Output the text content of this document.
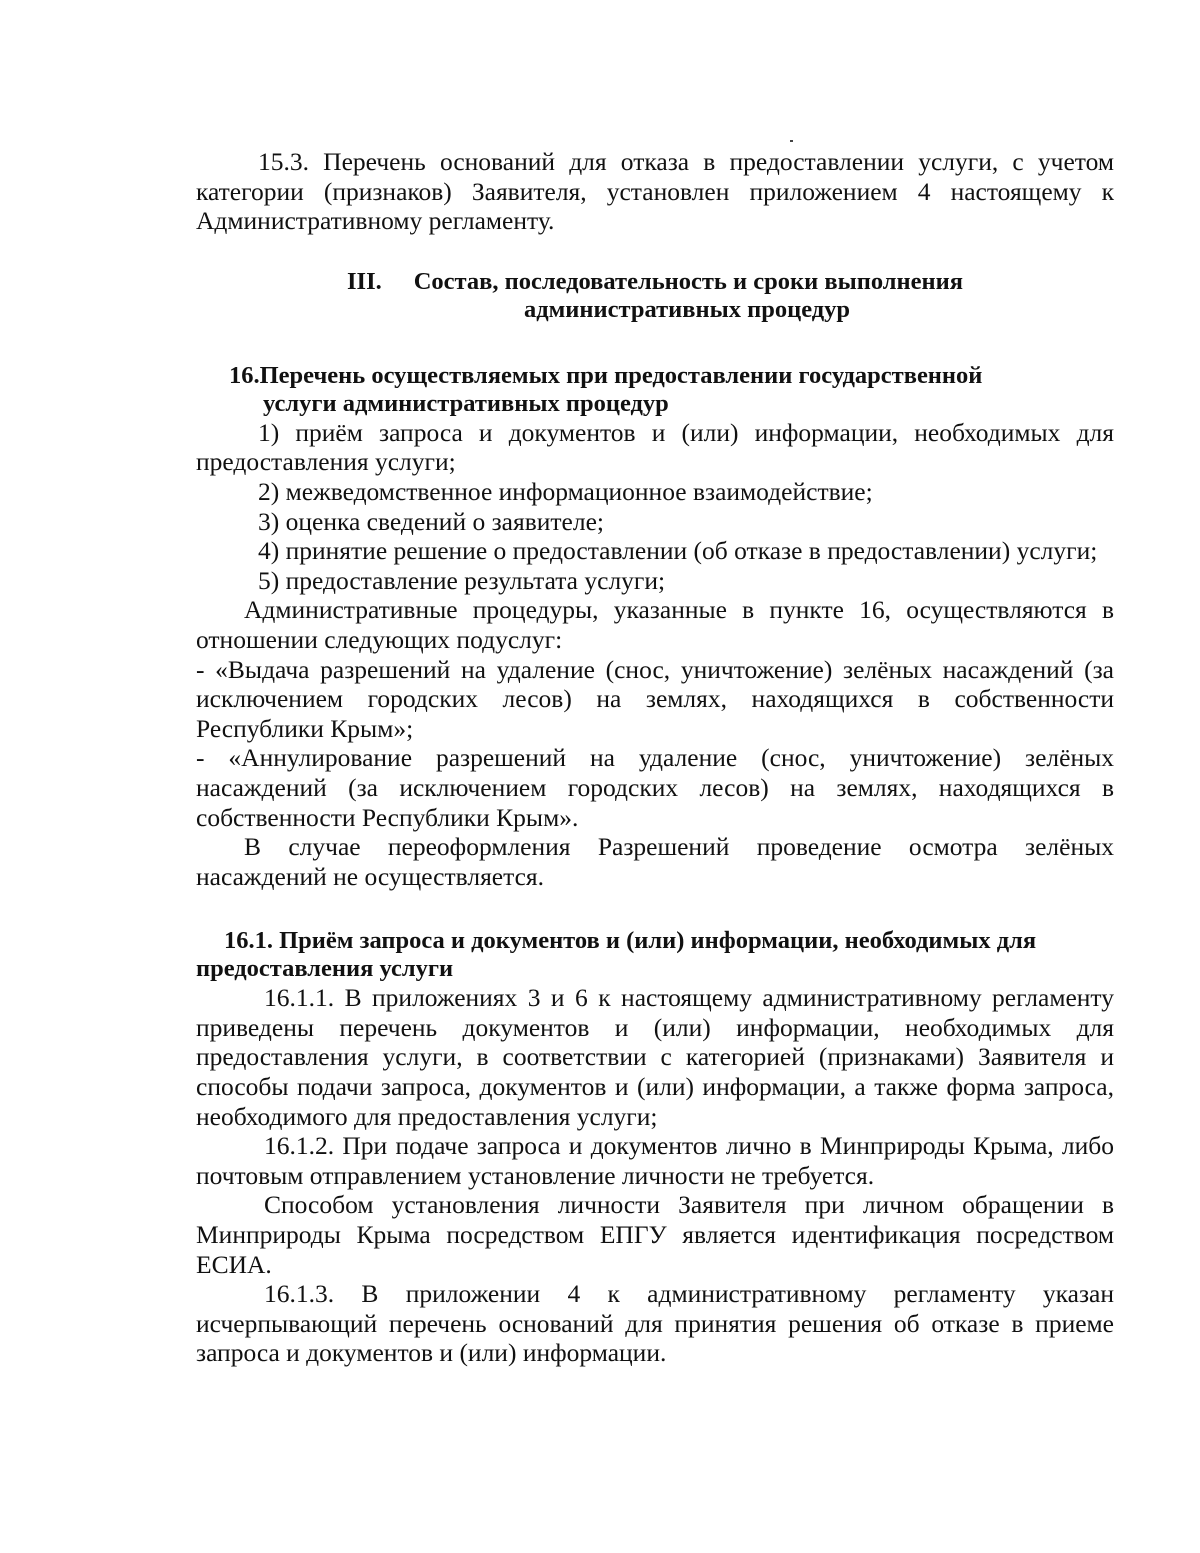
15.3. Перечень оснований для отказа в предоставлении услуги, с учетом категории (признаков) Заявителя, установлен приложением 4 настоящему к Административному регламенту.

III. Состав, последовательность и сроки выполнения
административных процедур
16.Перечень осуществляемых при предоставлении государственной
услуги административных процедур

1) приём запроса и документов и (или) информации, необходимых для предоставления услуги;

2) межведомственное информационное взаимодействие;

3) оценка сведений о заявителе;

4) принятие решение о предоставлении (об отказе в предоставлении) услуги;

5) предоставление результата услуги;

Административные процедуры, указанные в пункте 16, осуществляются в отношении следующих подуслуг:

- «Выдача разрешений на удаление (снос, уничтожение) зелёных насаждений (за исключением городских лесов) на землях, находящихся в собственности Республики Крым»;

- «Аннулирование разрешений на удаление (снос, уничтожение) зелёных насаждений (за исключением городских лесов) на землях, находящихся в собственности Республики Крым».

В случае переоформления Разрешений проведение осмотра зелёных насаждений не осуществляется.

16.1. Приём запроса и документов и (или) информации, необходимых для
предоставления услуги

16.1.1. В приложениях 3 и 6 к настоящему административному регламенту приведены перечень документов и (или) информации, необходимых для предоставления услуги, в соответствии с категорией (признаками) Заявителя и способы подачи запроса, документов и (или) информации, а также форма запроса, необходимого для предоставления услуги;

16.1.2. При подаче запроса и документов лично в Минприроды Крыма, либо почтовым отправлением установление личности не требуется.

Способом установления личности Заявителя при личном обращении в Минприроды Крыма посредством ЕПГУ является идентификация посредством ЕСИА.

16.1.3. В приложении 4 к административному регламенту указан исчерпывающий перечень оснований для принятия решения об отказе в приеме запроса и документов и (или) информации.
